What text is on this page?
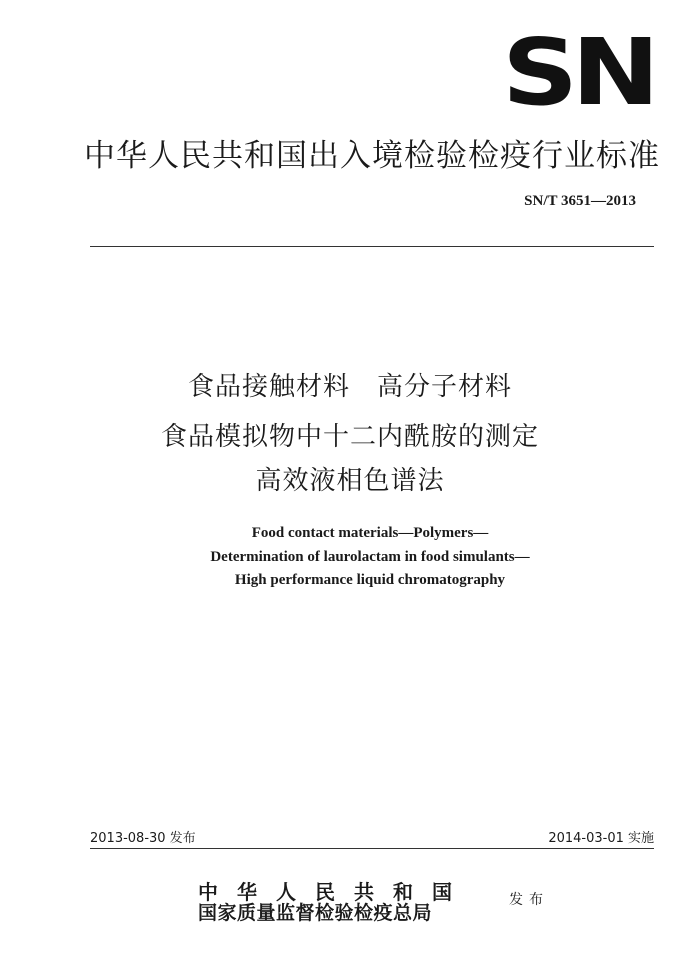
SN
中华人民共和国出入境检验检疫行业标准
SN/T 3651—2013
食品接触材料　高分子材料
食品模拟物中十二内酰胺的测定
高效液相色谱法
Food contact materials—Polymers—
Determination of laurolactam in food simulants—
High performance liquid chromatography
2013-08-30 发布	2014-03-01 实施
中华人民共和国
国家质量监督检验检疫总局
发布
